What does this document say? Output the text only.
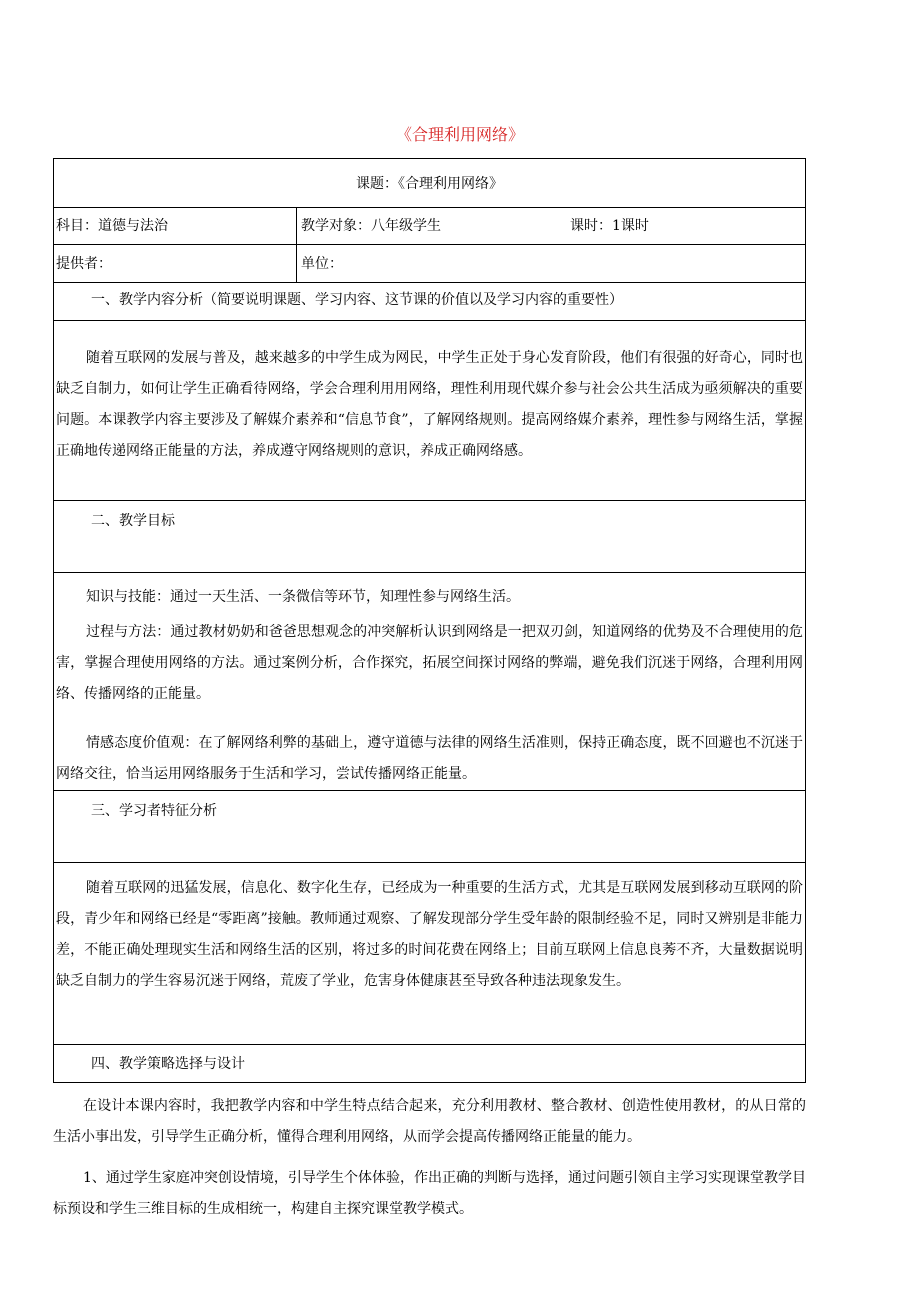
《合理利用网络》
课题：《合理利用网络》
科目：道德与法治	教学对象：八年级学生	课时：1课时
提供者：	单位：
一、教学内容分析（简要说明课题、学习内容、这节课的价值以及学习内容的重要性）
随着互联网的发展与普及，越来越多的中学生成为网民，中学生正处于身心发育阶段，他们有很强的好奇心，同时也缺乏自制力，如何让学生正确看待网络，学会合理利用用网络，理性利用现代媒介参与社会公共生活成为亟须解决的重要问题。本课教学内容主要涉及了解媒介素养和“信息节食”，了解网络规则。提高网络媒介素养，理性参与网络生活，掌握正确地传递网络正能量的方法，养成遵守网络规则的意识，养成正确网络感。
二、教学目标
知识与技能：通过一天生活、一条微信等环节，知理性参与网络生活。
过程与方法：通过教材奶奶和爸爸思想观念的冲突解析认识到网络是一把双刃剑，知道网络的优势及不合理使用的危害，掌握合理使用网络的方法。通过案例分析，合作探究，拓展空间探讨网络的弊端，避免我们沉迷于网络，合理利用网络、传播网络的正能量。
情感态度价值观：在了解网络利弊的基础上，遵守道德与法律的网络生活准则，保持正确态度，既不回避也不沉迷于网络交往，恰当运用网络服务于生活和学习，尝试传播网络正能量。
三、学习者特征分析
随着互联网的迅猛发展，信息化、数字化生存，已经成为一种重要的生活方式，尤其是互联网发展到移动互联网的阶段，青少年和网络已经是“零距离”接触。教师通过观察、了解发现部分学生受年龄的限制经验不足，同时又辨别是非能力差，不能正确处理现实生活和网络生活的区别，将过多的时间花费在网络上；目前互联网上信息良莠不齐，大量数据说明缺乏自制力的学生容易沉迷于网络，荒废了学业，危害身体健康甚至导致各种违法现象发生。
四、教学策略选择与设计
在设计本课内容时，我把教学内容和中学生特点结合起来，充分利用教材、整合教材、创造性使用教材，的从日常的生活小事出发，引导学生正确分析，懂得合理利用网络，从而学会提高传播网络正能量的能力。
1、通过学生家庭冲突创设情境，引导学生个体体验，作出正确的判断与选择，通过问题引领自主学习实现课堂教学目标预设和学生三维目标的生成相统一，构建自主探究课堂教学模式。
